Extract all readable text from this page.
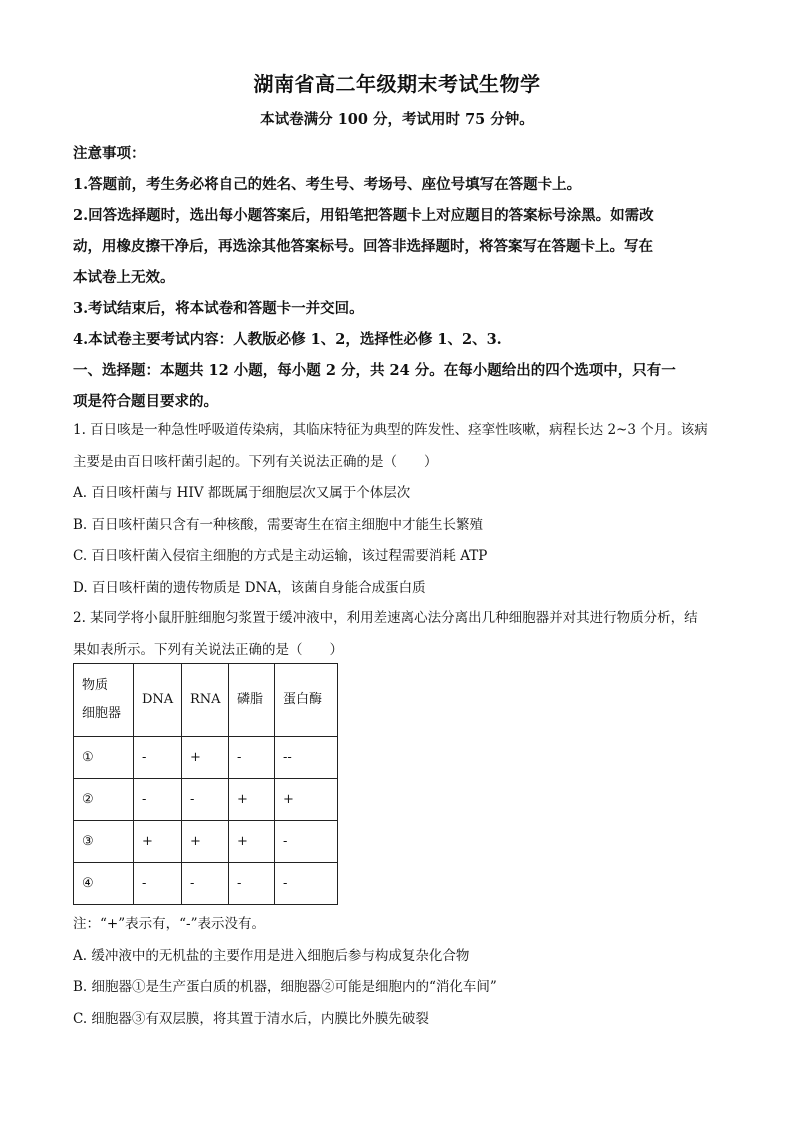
湖南省高二年级期末考试生物学
本试卷满分 100 分，考试用时 75 分钟。

注意事项：

1.答题前，考生务必将自己的姓名、考生号、考场号、座位号填写在答题卡上。

2.回答选择题时，选出每小题答案后，用铅笔把答题卡上对应题目的答案标号涂黑。如需改

动，用橡皮擦干净后，再选涂其他答案标号。回答非选择题时，将答案写在答题卡上。写在

本试卷上无效。

3.考试结束后，将本试卷和答题卡一并交回。

4.本试卷主要考试内容：人教版必修 1、2，选择性必修 1、2、3.

一、选择题：本题共 12 小题，每小题 2 分，共 24 分。在每小题给出的四个选项中，只有一

项是符合题目要求的。

1. 百日咳是一种急性呼吸道传染病，其临床特征为典型的阵发性、痉挛性咳嗽，病程长达 2~3 个月。该病

主要是由百日咳杆菌引起的。下列有关说法正确的是（　　）

A. 百日咳杆菌与 HIV 都既属于细胞层次又属于个体层次

B. 百日咳杆菌只含有一种核酸，需要寄生在宿主细胞中才能生长繁殖

C. 百日咳杆菌入侵宿主细胞的方式是主动运输，该过程需要消耗 ATP

D. 百日咳杆菌的遗传物质是 DNA，该菌自身能合成蛋白质

2. 某同学将小鼠肝脏细胞匀浆置于缓冲液中，利用差速离心法分离出几种细胞器并对其进行物质分析，结

果如表所示。下列有关说法正确的是（　　）

物质
细胞器	DNA	RNA	磷脂	蛋白酶
①	-	+	-	--
②	-	-	+	+
③	+	+	+	-
④	-	-	-	-

注：“+”表示有，“-”表示没有。

A. 缓冲液中的无机盐的主要作用是进入细胞后参与构成复杂化合物

B. 细胞器①是生产蛋白质的机器，细胞器②可能是细胞内的“消化车间”

C. 细胞器③有双层膜，将其置于清水后，内膜比外膜先破裂
